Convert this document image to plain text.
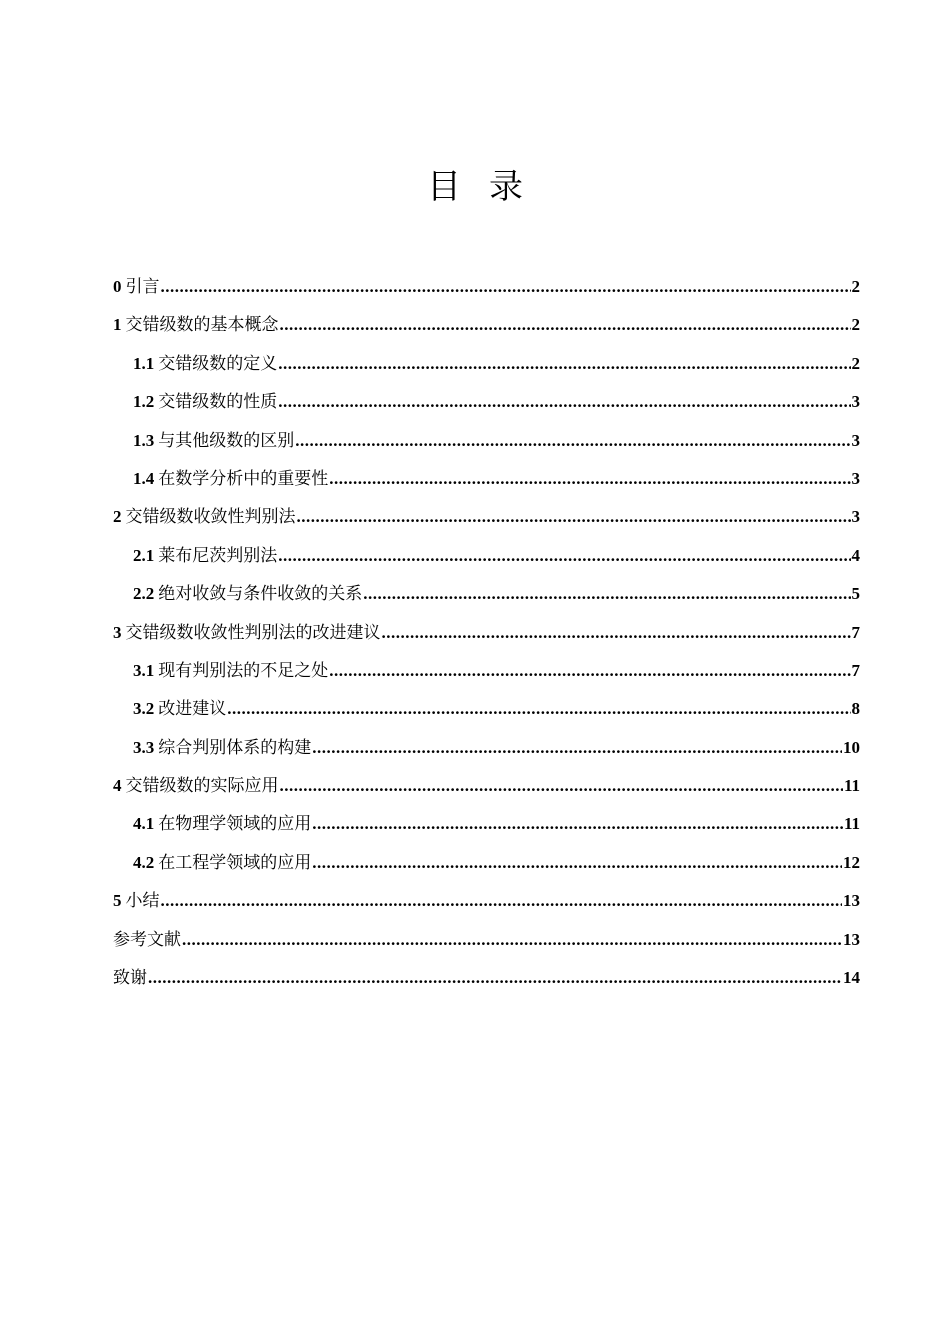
目录
0 引言 .....	2
1 交错级数的基本概念 .....	2
1.1 交错级数的定义 .....	2
1.2 交错级数的性质 .....	3
1.3 与其他级数的区别 .....	3
1.4 在数学分析中的重要性 .....	3
2 交错级数收敛性判别法 .....	3
2.1 莱布尼茨判别法 .....	4
2.2 绝对收敛与条件收敛的关系 .....	5
3 交错级数收敛性判别法的改进建议 .....	7
3.1 现有判别法的不足之处 .....	7
3.2 改进建议 .....	8
3.3 综合判别体系的构建 .....	10
4 交错级数的实际应用 .....	11
4.1 在物理学领域的应用 .....	11
4.2 在工程学领域的应用 .....	12
5 小结 .....	13
参考文献 .....	13
致谢 .....	14
